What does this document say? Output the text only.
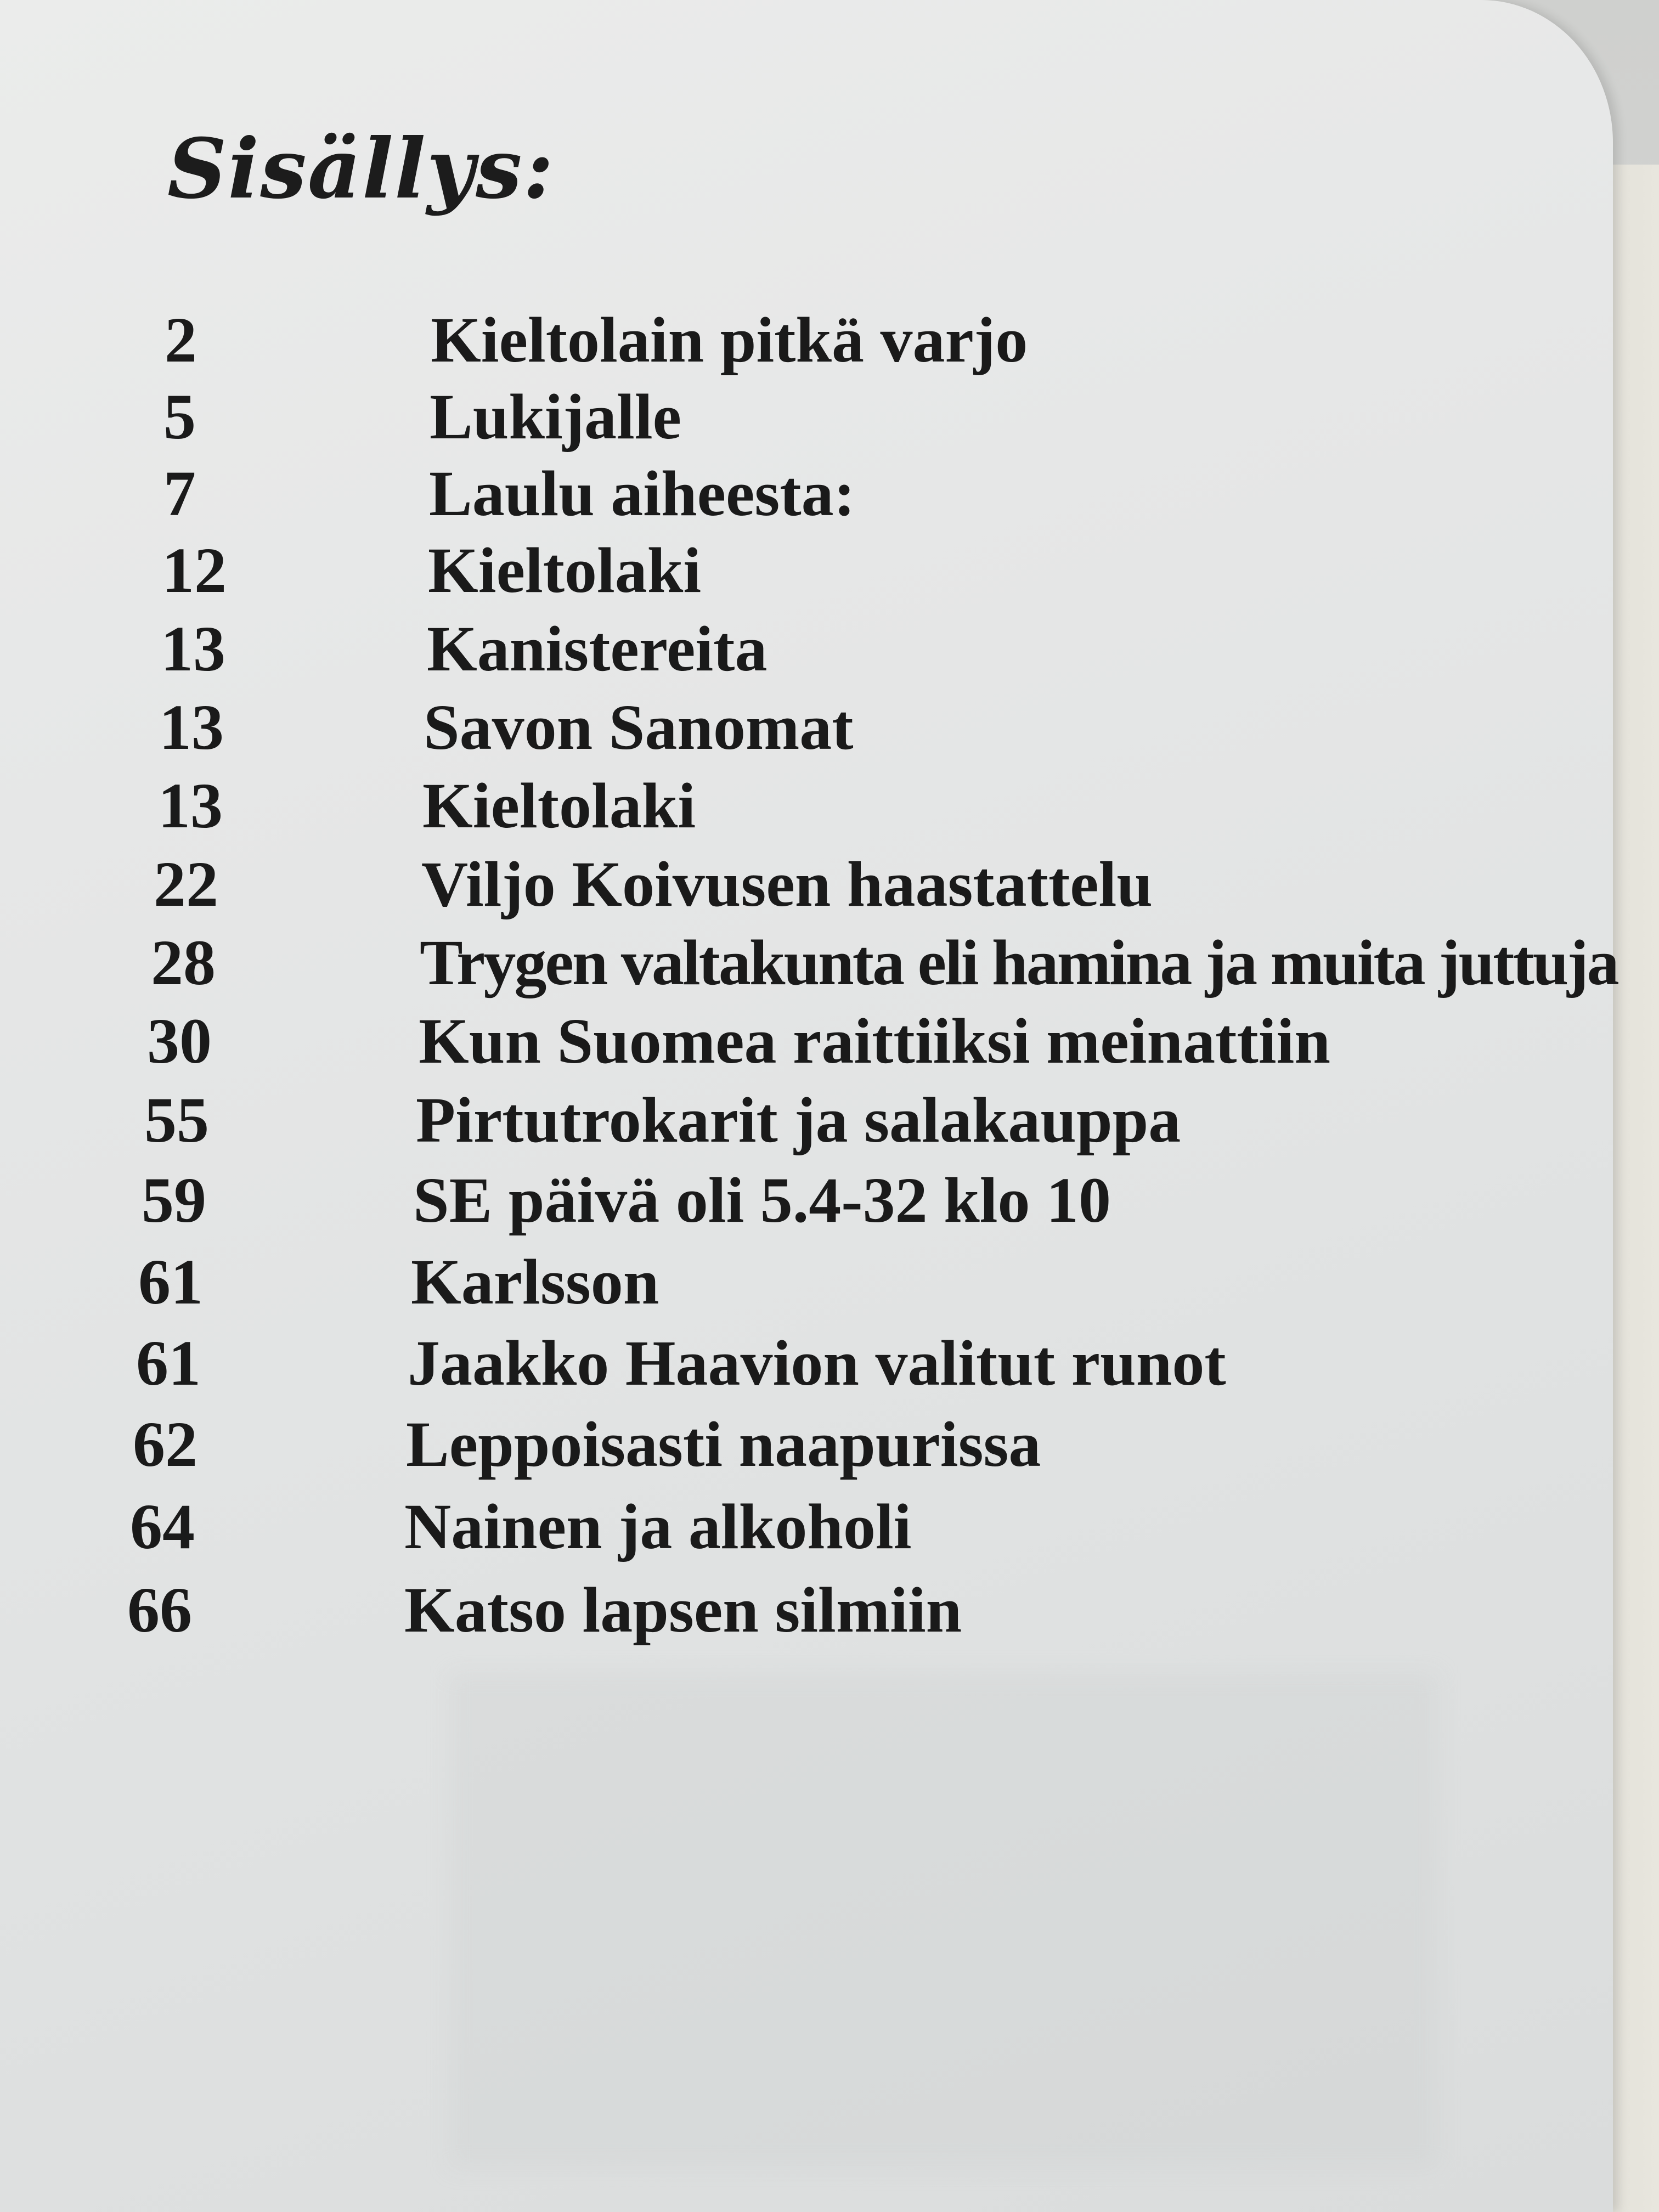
Sisällys:
2	Kieltolain pitkä varjo
5	Lukijalle
7	Laulu aiheesta:
12	Kieltolaki
13	Kanistereita
13	Savon Sanomat
13	Kieltolaki
22	Viljo Koivusen haastattelu
28	Trygen valtakunta eli hamina ja muita juttuja
30	Kun Suomea raittiiksi meinattiin
55	Pirtutrokarit ja salakauppa
59	SE päivä oli 5.4-32 klo 10
61	Karlsson
61	Jaakko Haavion valitut runot
62	Leppoisasti naapurissa
64	Nainen ja alkoholi
66	Katso lapsen silmiin
